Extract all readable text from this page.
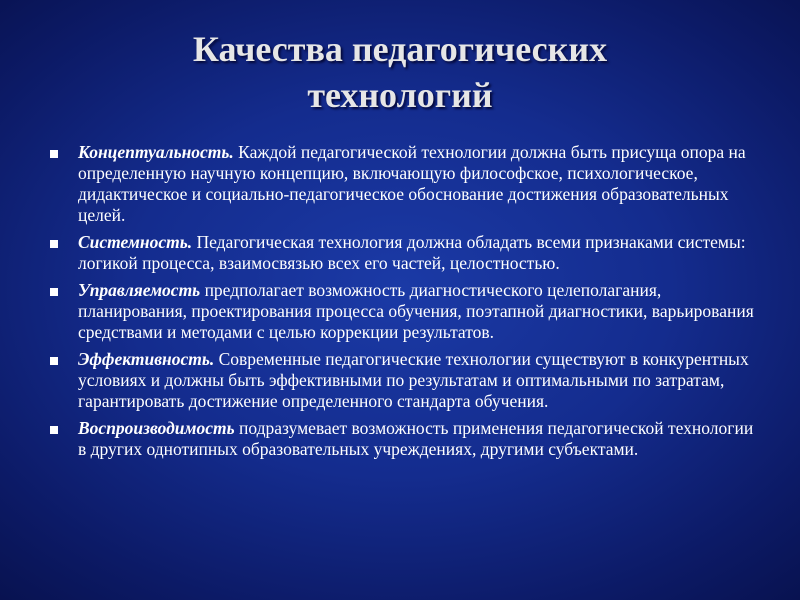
Качества педагогических
технологий
Концептуальность. Каждой педагогической технологии должна быть присуща опора на определенную научную концепцию, включающую философское, психологическое, дидактическое и социально-педагогическое обоснование достижения образовательных целей.
Системность. Педагогическая технология должна обладать всеми признаками системы: логикой процесса, взаимосвязью всех его частей, целостностью.
Управляемость предполагает возможность диагностического целеполагания, планирования, проектирования процесса обучения, поэтапной диагностики, варьирования средствами и методами с целью коррекции результатов.
Эффективность. Современные педагогические технологии существуют в конкурентных условиях и должны быть эффективными по результатам и оптимальными по затратам, гарантировать достижение определенного стандарта обучения.
Воспроизводимость подразумевает возможность применения педагогической технологии в других однотипных образовательных учреждениях, другими субъектами.
